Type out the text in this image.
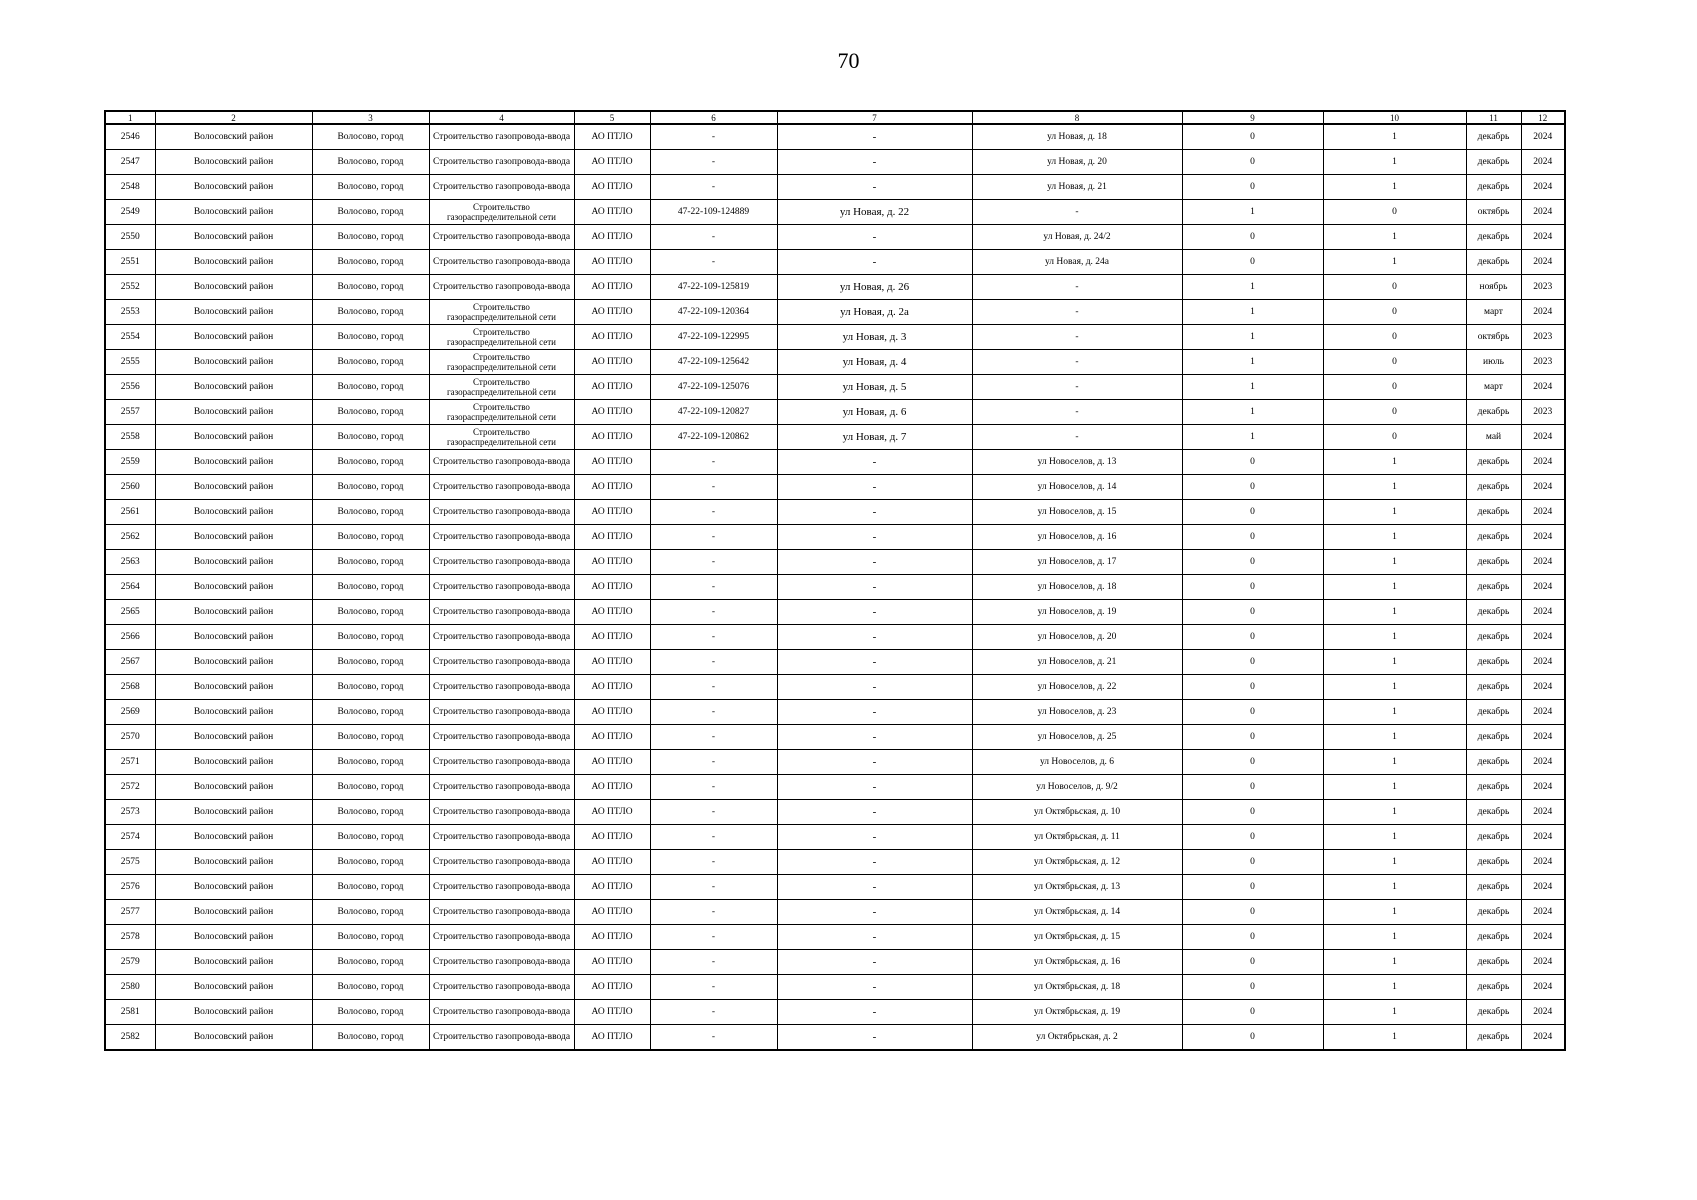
70
1	2	3	4	5	6	7	8	9	10	11	12
2546	Волосовский район	Волосово, город	Строительство газопровода-ввода	АО ПТЛО	-	-	ул Новая, д. 18	0	1	декабрь	2024
2547	Волосовский район	Волосово, город	Строительство газопровода-ввода	АО ПТЛО	-	-	ул Новая, д. 20	0	1	декабрь	2024
2548	Волосовский район	Волосово, город	Строительство газопровода-ввода	АО ПТЛО	-	-	ул Новая, д. 21	0	1	декабрь	2024
2549	Волосовский район	Волосово, город	Строительство газораспределительной сети	АО ПТЛО	47-22-109-124889	ул Новая, д. 22	-	1	0	октябрь	2024
2550	Волосовский район	Волосово, город	Строительство газопровода-ввода	АО ПТЛО	-	-	ул Новая, д. 24/2	0	1	декабрь	2024
2551	Волосовский район	Волосово, город	Строительство газопровода-ввода	АО ПТЛО	-	-	ул Новая, д. 24а	0	1	декабрь	2024
2552	Волосовский район	Волосово, город	Строительство газопровода-ввода	АО ПТЛО	47-22-109-125819	ул Новая, д. 26	-	1	0	ноябрь	2023
2553	Волосовский район	Волосово, город	Строительство газораспределительной сети	АО ПТЛО	47-22-109-120364	ул Новая, д. 2а	-	1	0	март	2024
2554	Волосовский район	Волосово, город	Строительство газораспределительной сети	АО ПТЛО	47-22-109-122995	ул Новая, д. 3	-	1	0	октябрь	2023
2555	Волосовский район	Волосово, город	Строительство газораспределительной сети	АО ПТЛО	47-22-109-125642	ул Новая, д. 4	-	1	0	июль	2023
2556	Волосовский район	Волосово, город	Строительство газораспределительной сети	АО ПТЛО	47-22-109-125076	ул Новая, д. 5	-	1	0	март	2024
2557	Волосовский район	Волосово, город	Строительство газораспределительной сети	АО ПТЛО	47-22-109-120827	ул Новая, д. 6	-	1	0	декабрь	2023
2558	Волосовский район	Волосово, город	Строительство газораспределительной сети	АО ПТЛО	47-22-109-120862	ул Новая, д. 7	-	1	0	май	2024
2559	Волосовский район	Волосово, город	Строительство газопровода-ввода	АО ПТЛО	-	-	ул Новоселов, д. 13	0	1	декабрь	2024
2560	Волосовский район	Волосово, город	Строительство газопровода-ввода	АО ПТЛО	-	-	ул Новоселов, д. 14	0	1	декабрь	2024
2561	Волосовский район	Волосово, город	Строительство газопровода-ввода	АО ПТЛО	-	-	ул Новоселов, д. 15	0	1	декабрь	2024
2562	Волосовский район	Волосово, город	Строительство газопровода-ввода	АО ПТЛО	-	-	ул Новоселов, д. 16	0	1	декабрь	2024
2563	Волосовский район	Волосово, город	Строительство газопровода-ввода	АО ПТЛО	-	-	ул Новоселов, д. 17	0	1	декабрь	2024
2564	Волосовский район	Волосово, город	Строительство газопровода-ввода	АО ПТЛО	-	-	ул Новоселов, д. 18	0	1	декабрь	2024
2565	Волосовский район	Волосово, город	Строительство газопровода-ввода	АО ПТЛО	-	-	ул Новоселов, д. 19	0	1	декабрь	2024
2566	Волосовский район	Волосово, город	Строительство газопровода-ввода	АО ПТЛО	-	-	ул Новоселов, д. 20	0	1	декабрь	2024
2567	Волосовский район	Волосово, город	Строительство газопровода-ввода	АО ПТЛО	-	-	ул Новоселов, д. 21	0	1	декабрь	2024
2568	Волосовский район	Волосово, город	Строительство газопровода-ввода	АО ПТЛО	-	-	ул Новоселов, д. 22	0	1	декабрь	2024
2569	Волосовский район	Волосово, город	Строительство газопровода-ввода	АО ПТЛО	-	-	ул Новоселов, д. 23	0	1	декабрь	2024
2570	Волосовский район	Волосово, город	Строительство газопровода-ввода	АО ПТЛО	-	-	ул Новоселов, д. 25	0	1	декабрь	2024
2571	Волосовский район	Волосово, город	Строительство газопровода-ввода	АО ПТЛО	-	-	ул Новоселов, д. 6	0	1	декабрь	2024
2572	Волосовский район	Волосово, город	Строительство газопровода-ввода	АО ПТЛО	-	-	ул Новоселов, д. 9/2	0	1	декабрь	2024
2573	Волосовский район	Волосово, город	Строительство газопровода-ввода	АО ПТЛО	-	-	ул Октябрьская, д. 10	0	1	декабрь	2024
2574	Волосовский район	Волосово, город	Строительство газопровода-ввода	АО ПТЛО	-	-	ул Октябрьская, д. 11	0	1	декабрь	2024
2575	Волосовский район	Волосово, город	Строительство газопровода-ввода	АО ПТЛО	-	-	ул Октябрьская, д. 12	0	1	декабрь	2024
2576	Волосовский район	Волосово, город	Строительство газопровода-ввода	АО ПТЛО	-	-	ул Октябрьская, д. 13	0	1	декабрь	2024
2577	Волосовский район	Волосово, город	Строительство газопровода-ввода	АО ПТЛО	-	-	ул Октябрьская, д. 14	0	1	декабрь	2024
2578	Волосовский район	Волосово, город	Строительство газопровода-ввода	АО ПТЛО	-	-	ул Октябрьская, д. 15	0	1	декабрь	2024
2579	Волосовский район	Волосово, город	Строительство газопровода-ввода	АО ПТЛО	-	-	ул Октябрьская, д. 16	0	1	декабрь	2024
2580	Волосовский район	Волосово, город	Строительство газопровода-ввода	АО ПТЛО	-	-	ул Октябрьская, д. 18	0	1	декабрь	2024
2581	Волосовский район	Волосово, город	Строительство газопровода-ввода	АО ПТЛО	-	-	ул Октябрьская, д. 19	0	1	декабрь	2024
2582	Волосовский район	Волосово, город	Строительство газопровода-ввода	АО ПТЛО	-	-	ул Октябрьская, д. 2	0	1	декабрь	2024
